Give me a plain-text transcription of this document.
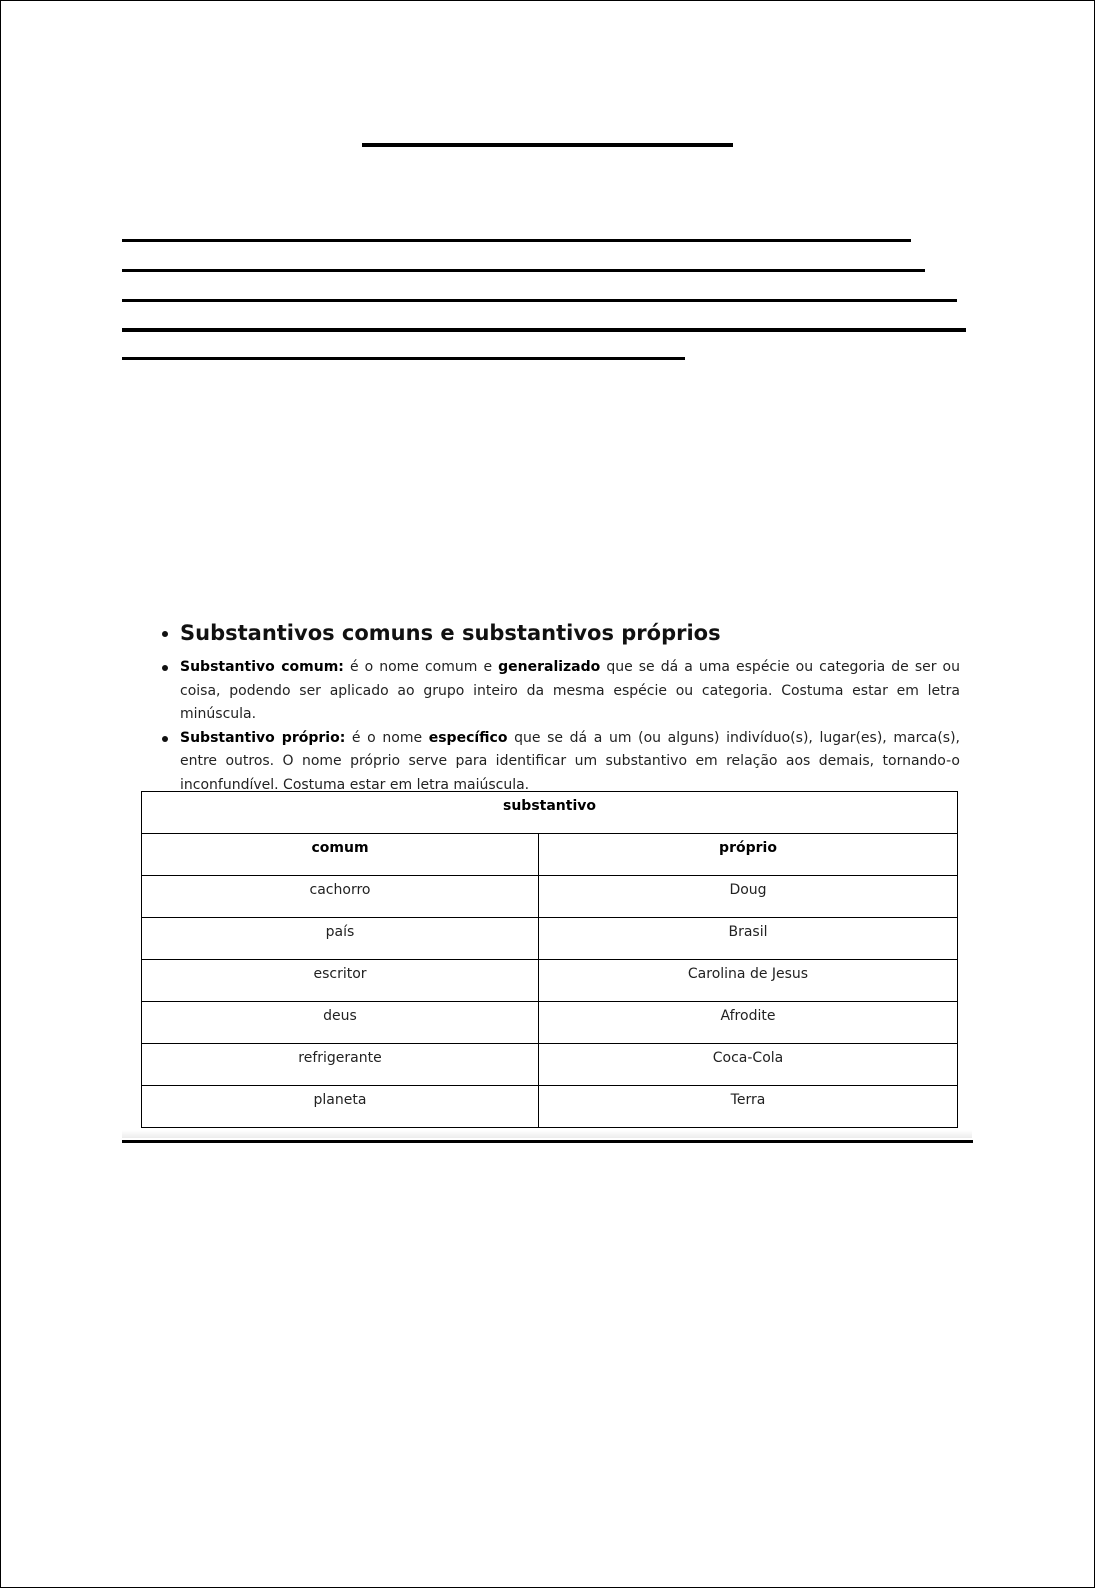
Substantivos comuns e substantivos próprios
Substantivo comum: é o nome comum e generalizado que se dá a uma espécie ou categoria de ser ou coisa, podendo ser aplicado ao grupo inteiro da mesma espécie ou categoria. Costuma estar em letra minúscula.
Substantivo próprio: é o nome específico que se dá a um (ou alguns) indivíduo(s), lugar(es), marca(s), entre outros. O nome próprio serve para identificar um substantivo em relação aos demais, tornando-o inconfundível. Costuma estar em letra maiúscula.
substantivo	
comum	próprio
cachorro	Doug
país	Brasil
escritor	Carolina de Jesus
deus	Afrodite
refrigerante	Coca-Cola
planeta	Terra
